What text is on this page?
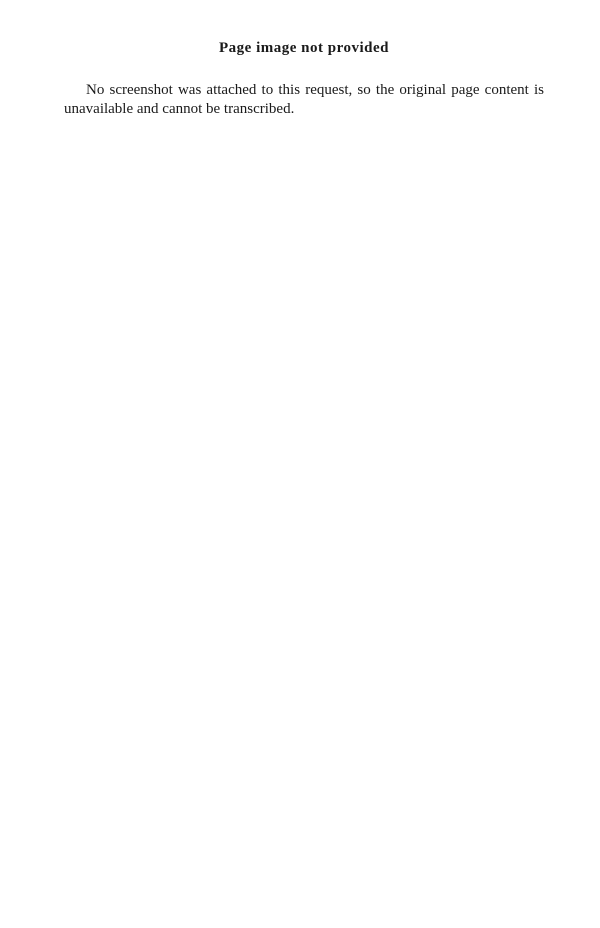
Page image not provided

No screenshot was attached to this request, so the original page content is unavailable and cannot be transcribed.
